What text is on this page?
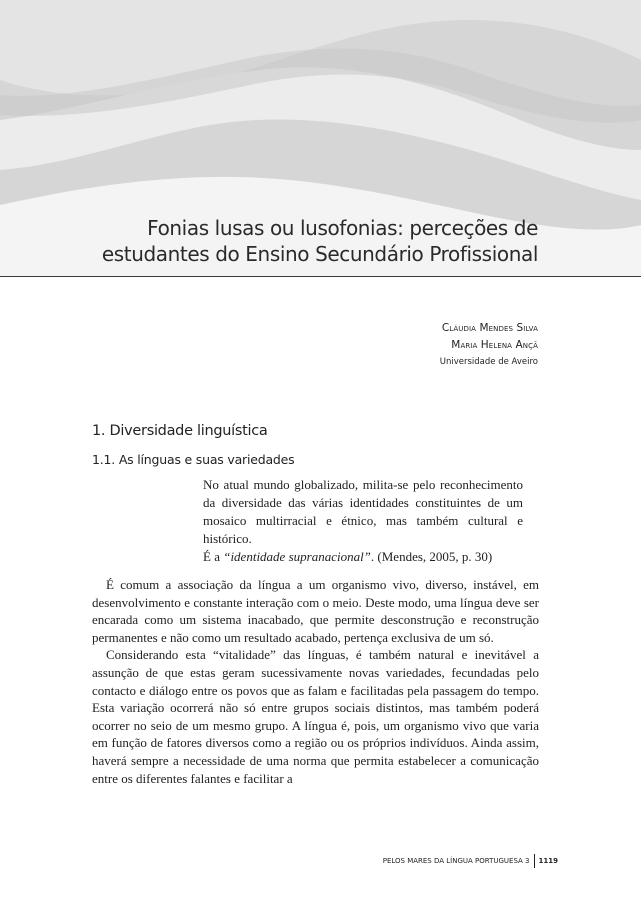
Fonias lusas ou lusofonias: perceções de
estudantes do Ensino Secundário Profissional
Cláudia Mendes Silva
Maria Helena Ançã
Universidade de Aveiro
1. Diversidade linguística
1.1. As línguas e suas variedades

No atual mundo globalizado, milita-se pelo reconhecimento da diversidade das várias identidades constituintes de um mosaico multirracial e étnico, mas também cultural e histórico.

É a “identidade supranacional”. (Mendes, 2005, p. 30)

É comum a associação da língua a um organismo vivo, diverso, instável, em desenvolvimento e constante interação com o meio. Deste modo, uma língua deve ser encarada como um sistema inacabado, que permite desconstrução e reconstrução permanentes e não como um resultado acabado, pertença exclusiva de um só.

Considerando esta “vitalidade” das línguas, é também natural e inevitável a assunção de que estas geram sucessivamente novas variedades, fecundadas pelo contacto e diálogo entre os povos que as falam e facilitadas pela passagem do tempo. Esta variação ocorrerá não só entre grupos sociais distintos, mas também poderá ocorrer no seio de um mesmo grupo. A língua é, pois, um organismo vivo que varia em função de fatores diversos como a região ou os próprios indivíduos. Ainda assim, haverá sempre a necessidade de uma norma que permita estabelecer a comunicação entre os diferentes falantes e facilitar a

PELOS MARES DA LÍNGUA PORTUGUESA 3 1119
